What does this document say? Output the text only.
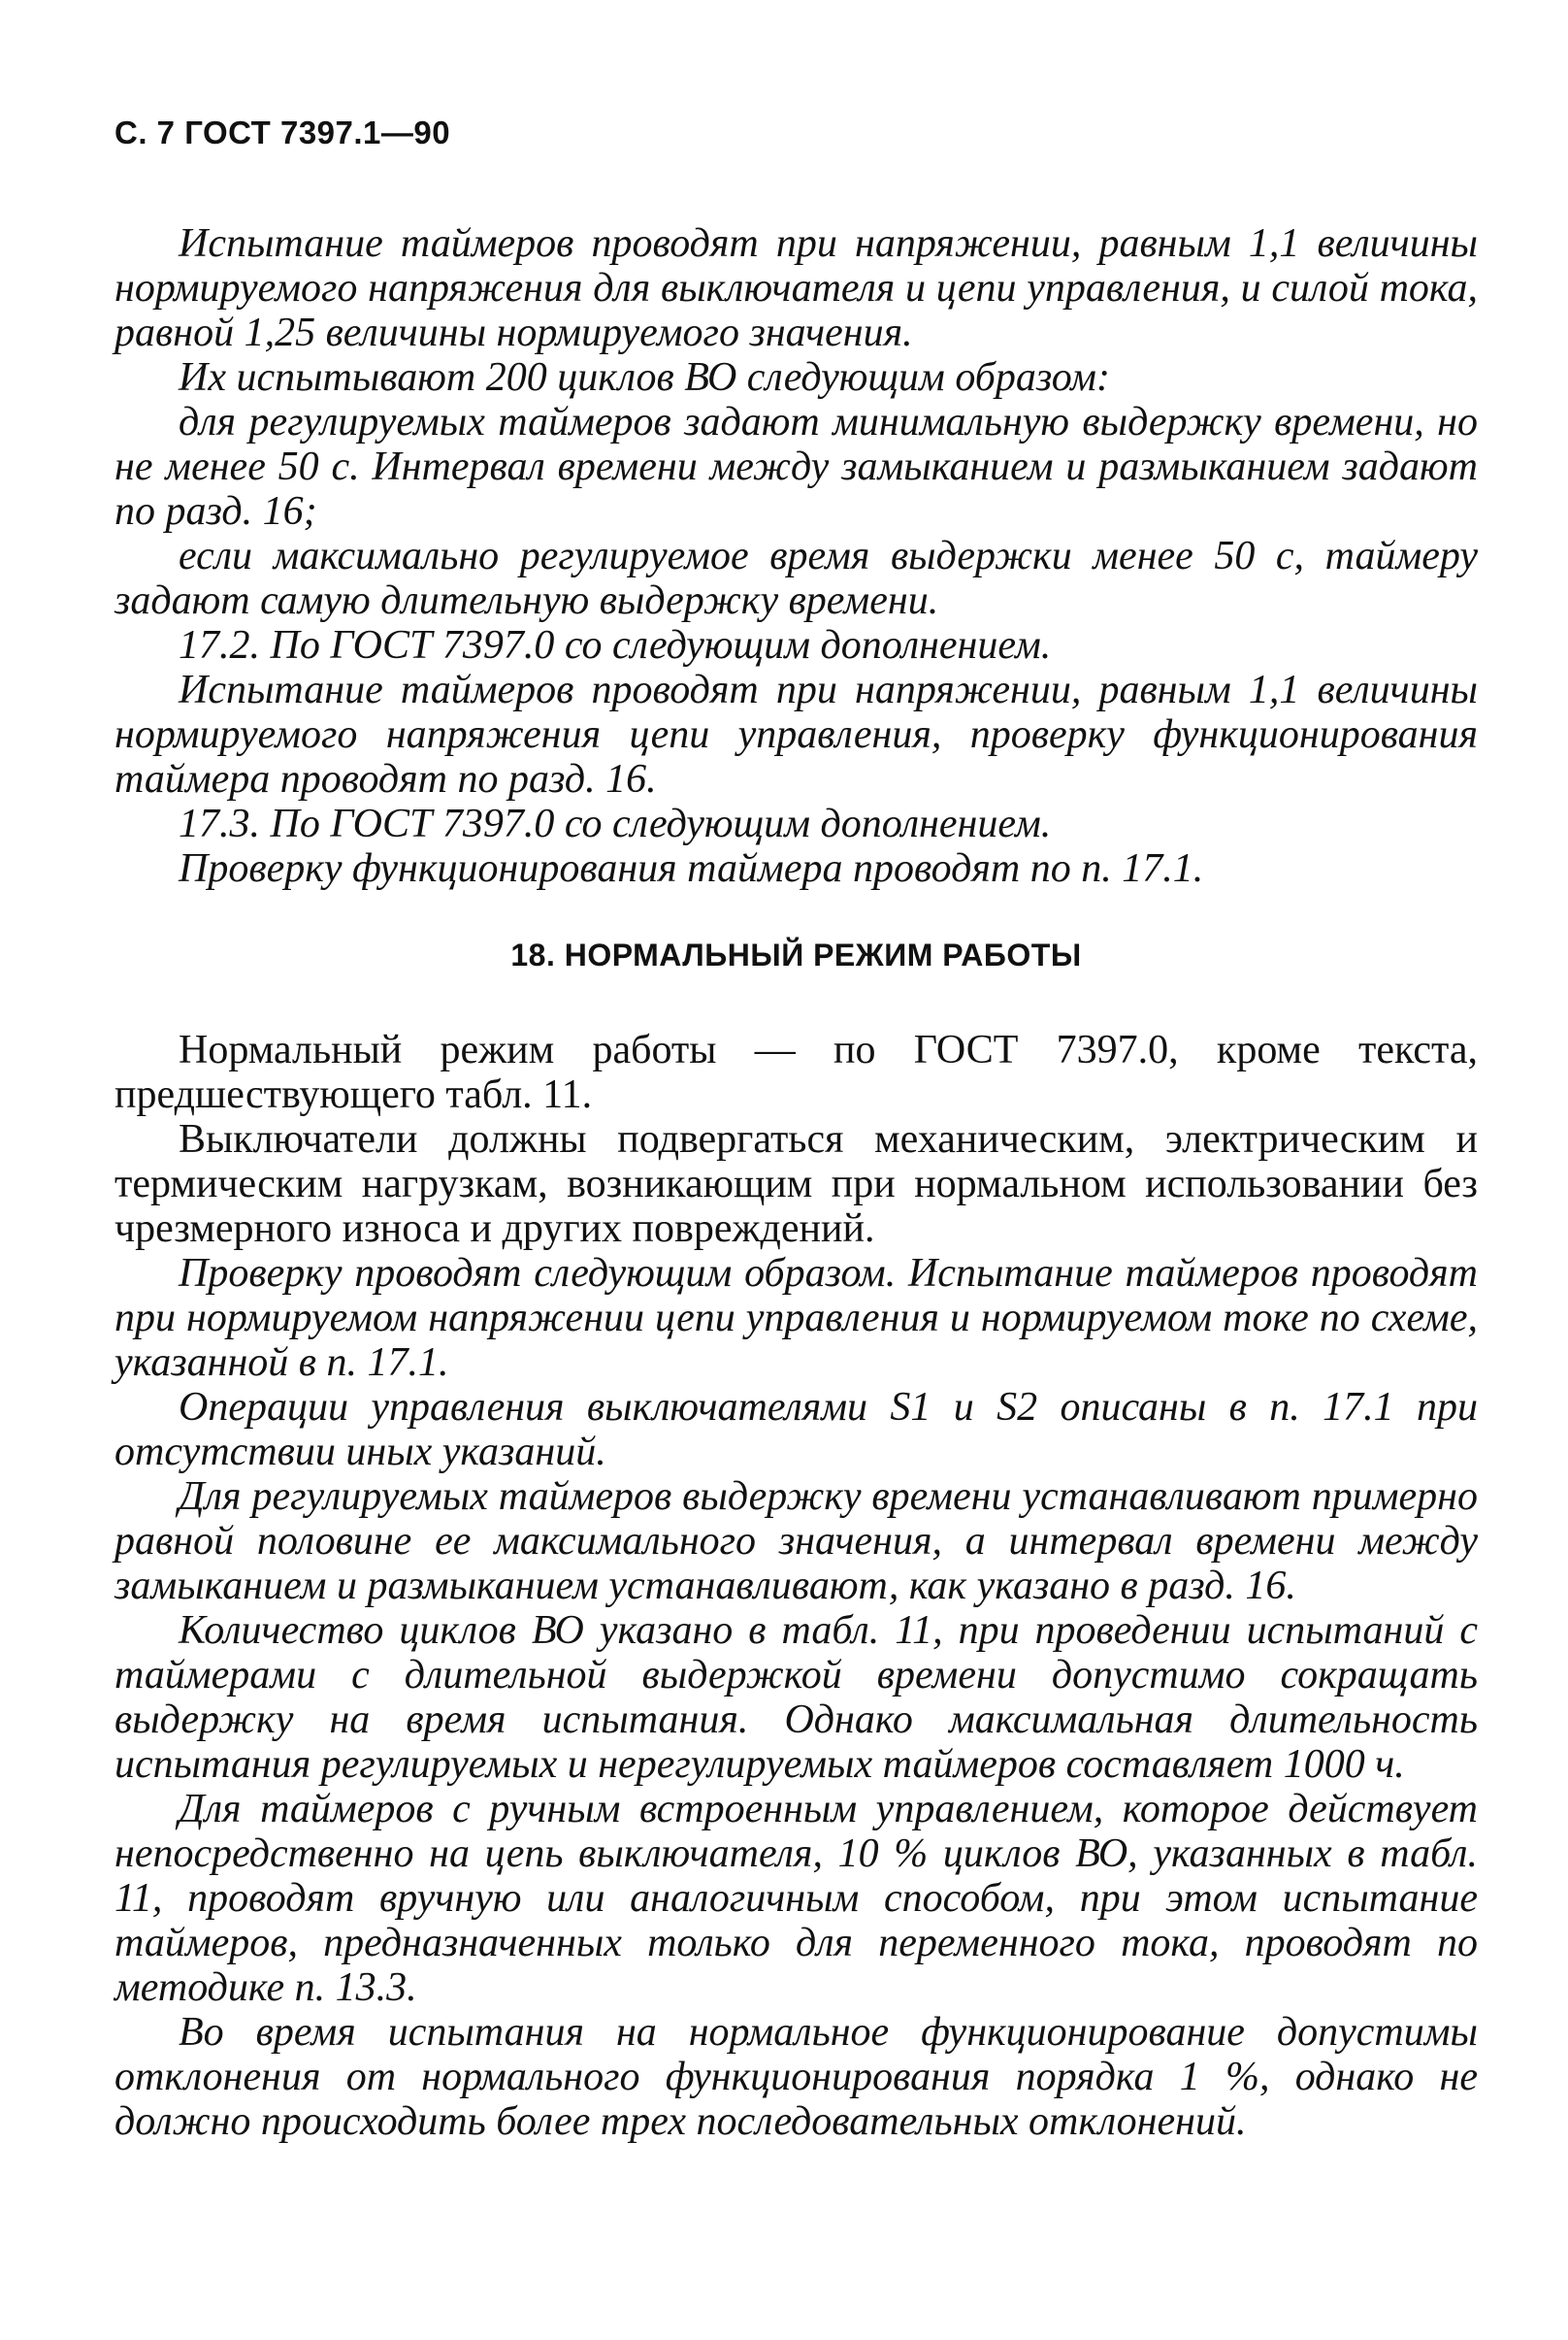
С. 7 ГОСТ 7397.1—90

Испытание таймеров проводят при напряжении, равным 1,1 величины нормируемого напряжения для выключателя и цепи управления, и силой тока, равной 1,25 величины нормируемого значения.

Их испытывают 200 циклов ВО следующим образом:

для регулируемых таймеров задают минимальную выдержку времени, но не менее 50 с. Интервал времени между замыканием и размыканием задают по разд. 16;

если максимально регулируемое время выдержки менее 50 с, таймеру задают самую длительную выдержку времени.

17.2. По ГОСТ 7397.0 со следующим дополнением.

Испытание таймеров проводят при напряжении, равным 1,1 величины нормируемого напряжения цепи управления, проверку функционирования таймера проводят по разд. 16.

17.3. По ГОСТ 7397.0 со следующим дополнением.

Проверку функционирования таймера проводят по п. 17.1.

18. НОРМАЛЬНЫЙ РЕЖИМ РАБОТЫ

Нормальный режим работы — по ГОСТ 7397.0, кроме текста, предшествующего табл. 11.

Выключатели должны подвергаться механическим, электрическим и термическим нагрузкам, возникающим при нормальном использовании без чрезмерного износа и других повреждений.

Проверку проводят следующим образом. Испытание таймеров проводят при нормируемом напряжении цепи управления и нормируемом токе по схеме, указанной в п. 17.1.

Операции управления выключателями S1 и S2 описаны в п. 17.1 при отсутствии иных указаний.

Для регулируемых таймеров выдержку времени устанавливают примерно равной половине ее максимального значения, а интервал времени между замыканием и размыканием устанавливают, как указано в разд. 16.

Количество циклов ВО указано в табл. 11, при проведении испытаний с таймерами с длительной выдержкой времени допустимо сокращать выдержку на время испытания. Однако максимальная длительность испытания регулируемых и нерегулируемых таймеров составляет 1000 ч.

Для таймеров с ручным встроенным управлением, которое действует непосредственно на цепь выключателя, 10 % циклов ВО, указанных в табл. 11, проводят вручную или аналогичным способом, при этом испытание таймеров, предназначенных только для переменного тока, проводят по методике п. 13.3.

Во время испытания на нормальное функционирование допустимы отклонения от нормального функционирования порядка 1 %, однако не должно происходить более трех последовательных отклонений.
